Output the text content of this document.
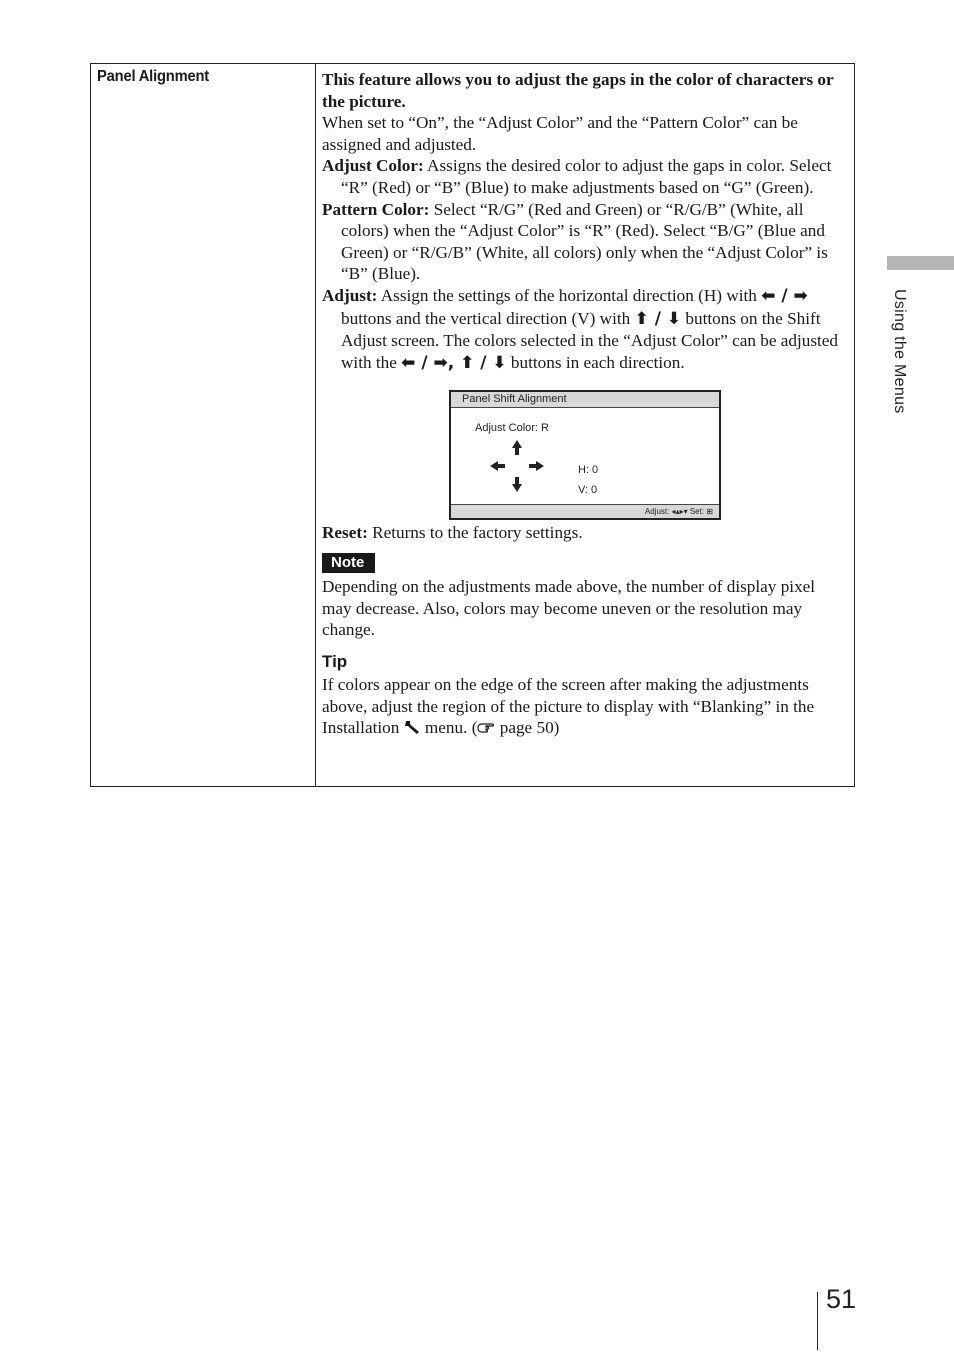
Panel Alignment	This feature allows you to adjust the gaps in the color of characters or the picture.

When set to “On”, the “Adjust Color” and the “Pattern Color” can be assigned and adjusted.

Adjust Color: Assigns the desired color to adjust the gaps in color. Select “R” (Red) or “B” (Blue) to make adjustments based on “G” (Green).

Pattern Color: Select “R/G” (Red and Green) or “R/G/B” (White, all colors) when the “Adjust Color” is “R” (Red). Select “B/G” (Blue and Green) or “R/G/B” (White, all colors) only when the “Adjust Color” is “B” (Blue).

Adjust: Assign the settings of the horizontal direction (H) with ⬅ / ➡ buttons and the vertical direction (V) with ⬆ / ⬇ buttons on the Shift Adjust screen. The colors selected in the “Adjust Color” can be adjusted with the ⬅ / ➡, ⬆ / ⬇ buttons in each direction.

Panel Shift Alignment
Adjust Color: R
H: 0
V: 0
Adjust: ◂▴▸▾ Set: ⊞

Reset: Returns to the factory settings.

Note

Depending on the adjustments made above, the number of display pixel may decrease. Also, colors may become uneven or the resolution may change.

Tip

If colors appear on the edge of the screen after making the adjustments above, adjust the region of the picture to display with “Blanking” in the Installation  menu. ( page 50)

Using the Menus
51
